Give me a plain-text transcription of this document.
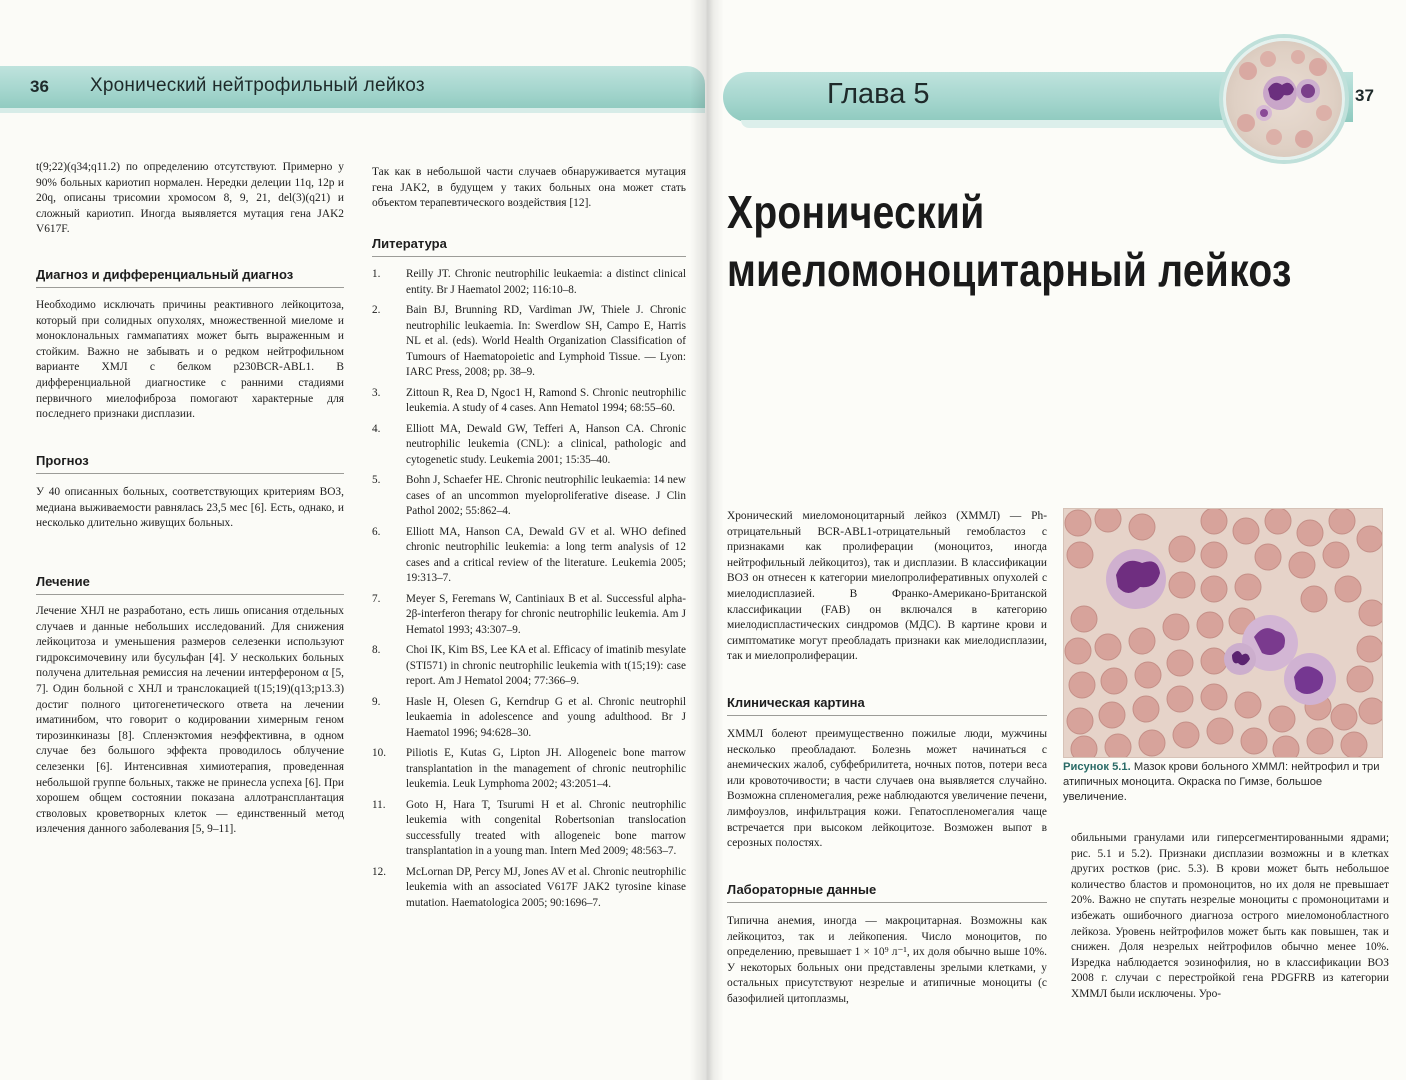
36 Хронический нейтрофильный лейкоз

t(9;22)(q34;q11.2) по определению отсутствуют. Примерно у 90% больных кариотип нормален. Нередки делеции 11q, 12p и 20q, описаны трисомии хромосом 8, 9, 21, del(3)(q21) и сложный кариотип. Иногда выявляется мутация гена JAK2 V617F.

Диагноз и дифференциальный диагноз

Необходимо исключать причины реактивного лейкоцитоза, который при солидных опухолях, множественной миеломе и моноклональных гаммапатиях может быть выраженным и стойким. Важно не забывать и о редком нейтрофильном варианте ХМЛ с белком p230BCR-ABL1. В дифференциальной диагностике с ранними стадиями первичного миелофиброза помогают характерные для последнего признаки дисплазии.

Прогноз

У 40 описанных больных, соответствующих критериям ВОЗ, медиана выживаемости равнялась 23,5 мес [6]. Есть, однако, и несколько длительно живущих больных.

Лечение

Лечение ХНЛ не разработано, есть лишь описания отдельных случаев и данные небольших исследований. Для снижения лейкоцитоза и уменьшения размеров селезенки используют гидроксимочевину или бусульфан [4]. У нескольких больных получена длительная ремиссия на лечении интерфероном α [5, 7]. Один больной с ХНЛ и транслокацией t(15;19)(q13;p13.3) достиг полного цитогенетического ответа на лечении иматинибом, что говорит о кодировании химерным геном тирозинкиназы [8]. Спленэктомия неэффективна, в одном случае без большого эффекта проводилось облучение селезенки [6]. Интенсивная химиотерапия, проведенная небольшой группе больных, также не принесла успеха [6]. При хорошем общем состоянии показана аллотрансплантация стволовых кроветворных клеток — единственный метод излечения данного заболевания [5, 9–11].

Так как в небольшой части случаев обнаруживается мутация гена JAK2, в будущем у таких больных она может стать объектом терапевтического воздействия [12].

Литература
1. Reilly JT. Chronic neutrophilic leukaemia: a distinct clinical entity. Br J Haematol 2002; 116:10–8.
2. Bain BJ, Brunning RD, Vardiman JW, Thiele J. Chronic neutrophilic leukaemia. In: Swerdlow SH, Campo E, Harris NL et al. (eds). World Health Organization Classification of Tumours of Haematopoietic and Lymphoid Tissue. — Lyon: IARC Press, 2008; pp. 38–9.
3. Zittoun R, Rea D, Ngoc1 H, Ramond S. Chronic neutrophilic leukemia. A study of 4 cases. Ann Hematol 1994; 68:55–60.
4. Elliott MA, Dewald GW, Tefferi A, Hanson CA. Chronic neutrophilic leukemia (CNL): a clinical, pathologic and cytogenetic study. Leukemia 2001; 15:35–40.
5. Bohn J, Schaefer HE. Chronic neutrophilic leukaemia: 14 new cases of an uncommon myeloproliferative disease. J Clin Pathol 2002; 55:862–4.
6. Elliott MA, Hanson CA, Dewald GV et al. WHO defined chronic neutrophilic leukemia: a long term analysis of 12 cases and a critical review of the literature. Leukemia 2005; 19:313–7.
7. Meyer S, Feremans W, Cantiniaux B et al. Successful alpha-2β-interferon therapy for chronic neutrophilic leukemia. Am J Hematol 1993; 43:307–9.
8. Choi IK, Kim BS, Lee KA et al. Efficacy of imatinib mesylate (STI571) in chronic neutrophilic leukemia with t(15;19): case report. Am J Hematol 2004; 77:366–9.
9. Hasle H, Olesen G, Kerndrup G et al. Chronic neutrophil leukaemia in adolescence and young adulthood. Br J Haematol 1996; 94:628–30.
10. Piliotis E, Kutas G, Lipton JH. Allogeneic bone marrow transplantation in the management of chronic neutrophilic leukemia. Leuk Lymphoma 2002; 43:2051–4.
11. Goto H, Hara T, Tsurumi H et al. Chronic neutrophilic leukemia with congenital Robertsonian translocation successfully treated with allogeneic bone marrow transplantation in a young man. Intern Med 2009; 48:563–7.
12. McLornan DP, Percy MJ, Jones AV et al. Chronic neutrophilic leukemia with an associated V617F JAK2 tyrosine kinase mutation. Haematologica 2005; 90:1696–7.
Глава 5	37
Хронический
миеломоноцитарный лейкоз

Хронический миеломоноцитарный лейкоз (ХММЛ) — Ph-отрицательный BCR-ABL1-отрицательный гемобластоз с признаками как пролиферации (моноцитоз, иногда нейтрофильный лейкоцитоз), так и дисплазии. В классификации ВОЗ он отнесен к категории миелопролиферативных опухолей с миелодисплазией. В Франко-Американо-Британской классификации (FAB) он включался в категорию миелодиспластических синдромов (МДС). В картине крови и симптоматике могут преобладать признаки как миелодисплазии, так и миелопролиферации.

Клиническая картина

ХММЛ болеют преимущественно пожилые люди, мужчины несколько преобладают. Болезнь может начинаться с анемических жалоб, субфебрилитета, ночных потов, потери веса или кровоточивости; в части случаев она выявляется случайно. Возможна спленомегалия, реже наблюдаются увеличение печени, лимфоузлов, инфильтрация кожи. Гепатоспленомегалия чаще встречается при высоком лейкоцитозе. Возможен выпот в серозных полостях.

Лабораторные данные

Типична анемия, иногда — макроцитарная. Возможны как лейкоцитоз, так и лейкопения. Число моноцитов, по определению, превышает 1 × 10⁹ л⁻¹, их доля обычно выше 10%. У некоторых больных они представлены зрелыми клетками, у остальных присутствуют незрелые и атипичные моноциты (с базофилией цитоплазмы,

Рисунок 5.1. Мазок крови больного ХММЛ: нейтрофил и три атипичных моноцита. Окраска по Гимзе, большое увеличение.

обильными гранулами или гиперсегментированными ядрами; рис. 5.1 и 5.2). Признаки дисплазии возможны и в клетках других ростков (рис. 5.3). В крови может быть небольшое количество бластов и промоноцитов, но их доля не превышает 20%. Важно не спутать незрелые моноциты с промоноцитами и избежать ошибочного диагноза острого миеломонобластного лейкоза. Уровень нейтрофилов может быть как повышен, так и снижен. Доля незрелых нейтрофилов обычно менее 10%. Изредка наблюдается эозинофилия, но в классификации ВОЗ 2008 г. случаи с перестройкой гена PDGFRB из категории ХММЛ были исключены. Уро-
